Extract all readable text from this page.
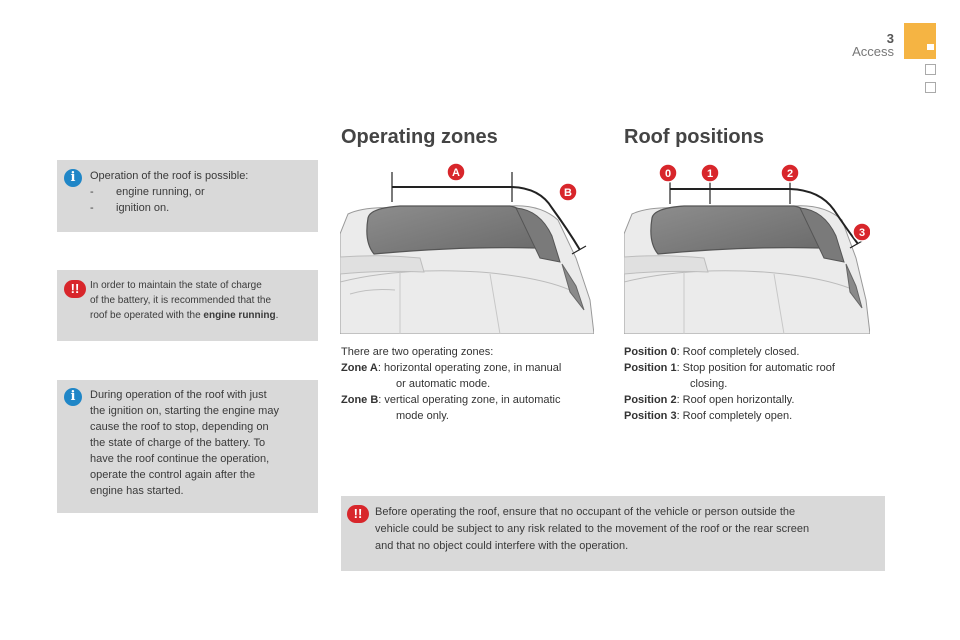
3
Access
i	Operation of the roof is possible:
-	engine running, or
-	ignition on.
!!	In order to maintain the state of charge
of the battery, it is recommended that the
roof be operated with the engine running.
i	During operation of the roof with just
the ignition on, starting the engine may
cause the roof to stop, depending on
the state of charge of the battery. To
have the roof continue the operation,
operate the control again after the
engine has started.
Operating zones	Roof positions
A
B
0	1	2
3
There are two operating zones:
Zone A: horizontal operating zone, in manual
or automatic mode.
Zone B: vertical operating zone, in automatic
mode only.
Position 0: Roof completely closed.
Position 1: Stop position for automatic roof
closing.
Position 2: Roof open horizontally.
Position 3: Roof completely open.
!!	Before operating the roof, ensure that no occupant of the vehicle or person outside the
vehicle could be subject to any risk related to the movement of the roof or the rear screen
and that no object could interfere with the operation.
